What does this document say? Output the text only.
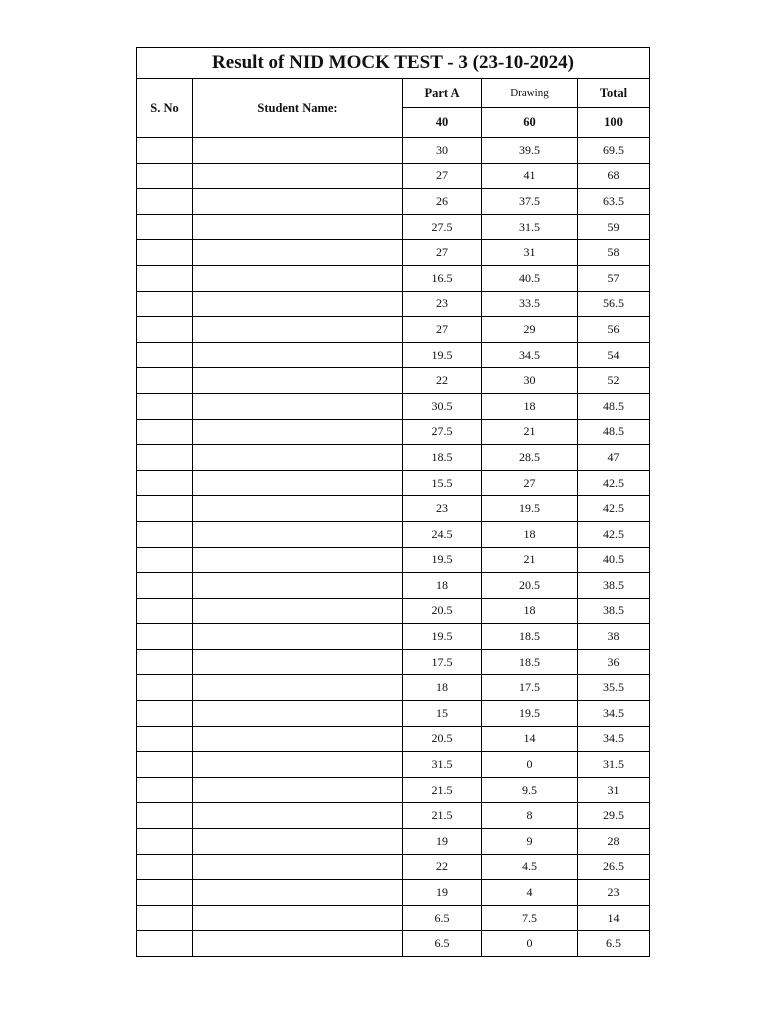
Result of NID MOCK TEST - 3 (23-10-2024)				
S. No	Student Name:	Part A	Drawing	Total
		40	60	100
		30	39.5	69.5
		27	41	68
		26	37.5	63.5
		27.5	31.5	59
		27	31	58
		16.5	40.5	57
		23	33.5	56.5
		27	29	56
		19.5	34.5	54
		22	30	52
		30.5	18	48.5
		27.5	21	48.5
		18.5	28.5	47
		15.5	27	42.5
		23	19.5	42.5
		24.5	18	42.5
		19.5	21	40.5
		18	20.5	38.5
		20.5	18	38.5
		19.5	18.5	38
		17.5	18.5	36
		18	17.5	35.5
		15	19.5	34.5
		20.5	14	34.5
		31.5	0	31.5
		21.5	9.5	31
		21.5	8	29.5
		19	9	28
		22	4.5	26.5
		19	4	23
		6.5	7.5	14
		6.5	0	6.5
